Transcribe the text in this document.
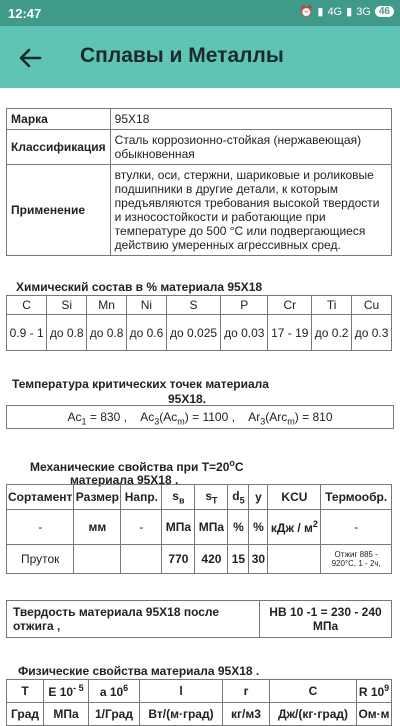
12:47	⏰ ▮ 4G ▮ 3G 46
Сплавы и Металлы
Марка	95Х18
Классификация	Сталь коррозионно-стойкая (нержавеющая) обыкновенная
Применение	втулки, оси, стержни, шариковые и роликовые подшипники в другие детали, к которым предъявляются требования высокой твердости и износостойкости и работающие при температуре до 500 °С или подвергающиеся действию умеренных агрессивных сред.
Химический состав в % материала 95Х18
C	Si	Mn	Ni	S	P	Cr	Ti	Cu
0.9 - 1	до 0.8	до 0.8	до 0.6	до 0.025	до 0.03	17 - 19	до 0.2	до 0.3
Температура критических точек материала
95Х18.
$Ac_1 = 830$ ,    $Ac_3(Ac_m) = 1100$ ,    $Ar_3(Arc_m) = 810$
Механические свойства при $Т=20^oС$
материала 95Х18 .
Сортамент	Размер	Напр.	$s_в$	$s_T$	$d_5$	y	KCU	Термообр.
-	мм	-	МПа	МПа	%	%	кДж / $м^2$	-
Пруток			770	420	15	30		Отжиг 885 - 920°С, 1 - 2ч,
Твердость материала 95Х18 после отжига ,	НВ 10 -1 = 230 - 240 МПа
Физические свойства материала 95Х18 .
T	E $10^{- 5}$	a $10^6$	l	r	C	R $10^9$
Град	МПа	1/Град	Вт/(м·град)	кг/м3	Дж/(кг·град)	Ом·м
